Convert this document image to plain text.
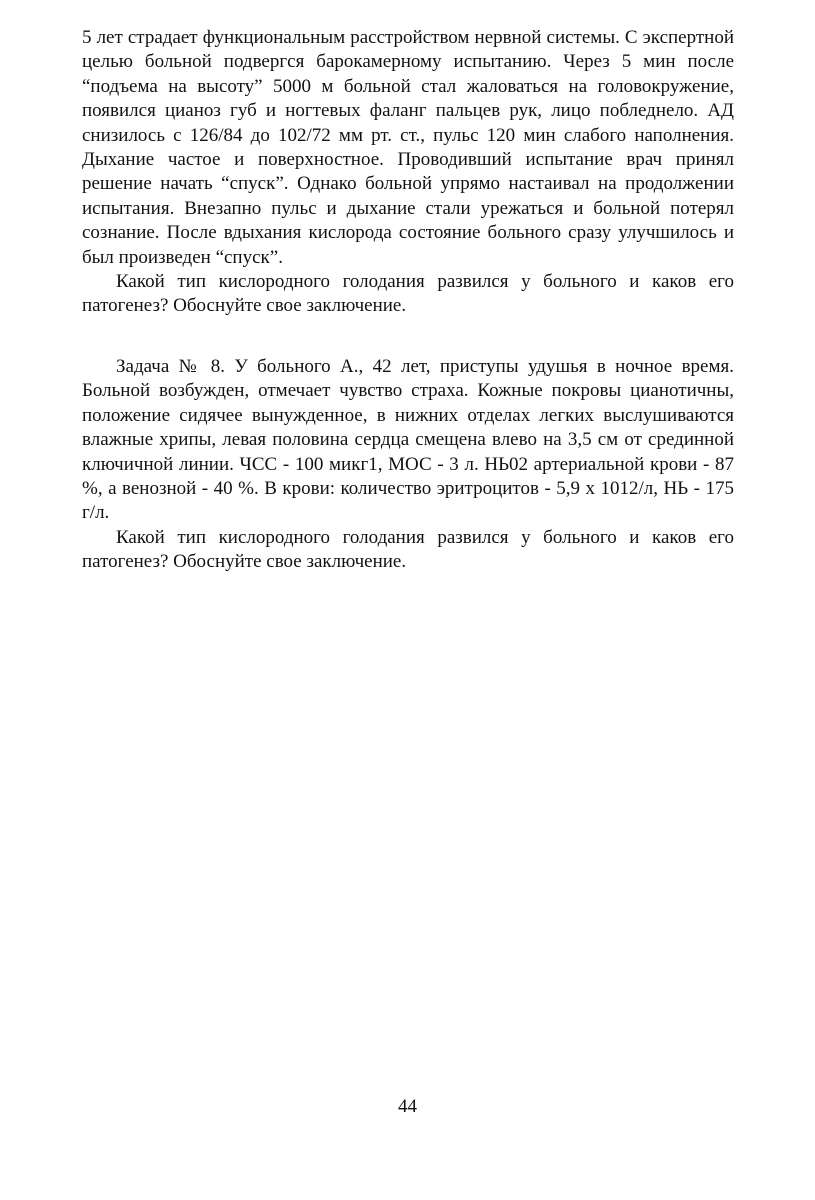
5 лет страдает функциональным расстройством нервной системы. С экспертной целью больной подвергся барокамерному испытанию. Через 5 мин после “подъема на высоту” 5000 м больной стал жаловаться на головокружение, появился цианоз губ и ногтевых фаланг пальцев рук, лицо побледнело. АД снизилось с 126/84 до 102/72 мм рт. ст., пульс 120 мин слабого наполнения. Дыхание частое и поверхностное. Проводивший испытание врач принял решение начать “спуск”. Однако больной упрямо настаивал на продолжении испытания. Внезапно пульс и дыхание стали урежаться и больной потерял сознание. После вдыхания кислорода состояние больного сразу улучшилось и был произведен “спуск”.

Какой тип кислородного голодания развился у больного и каков его патогенез? Обоснуйте свое заключение.

Задача № 8. У больного А., 42 лет, приступы удушья в ночное время. Больной возбужден, отмечает чувство страха. Кожные покровы цианотичны, положение сидячее вынужденное, в нижних отделах легких выслушиваются влажные хрипы, левая половина сердца смещена влево на 3,5 см от срединной ключичной линии. ЧСС - 100 микг1, МОС - 3 л. НЬ02 артериальной крови - 87 %, а венозной - 40 %. В крови: количество эритроцитов - 5,9 х 1012/л, НЬ - 175 г/л.

Какой тип кислородного голодания развился у больного и каков его патогенез? Обоснуйте свое заключение.

44
